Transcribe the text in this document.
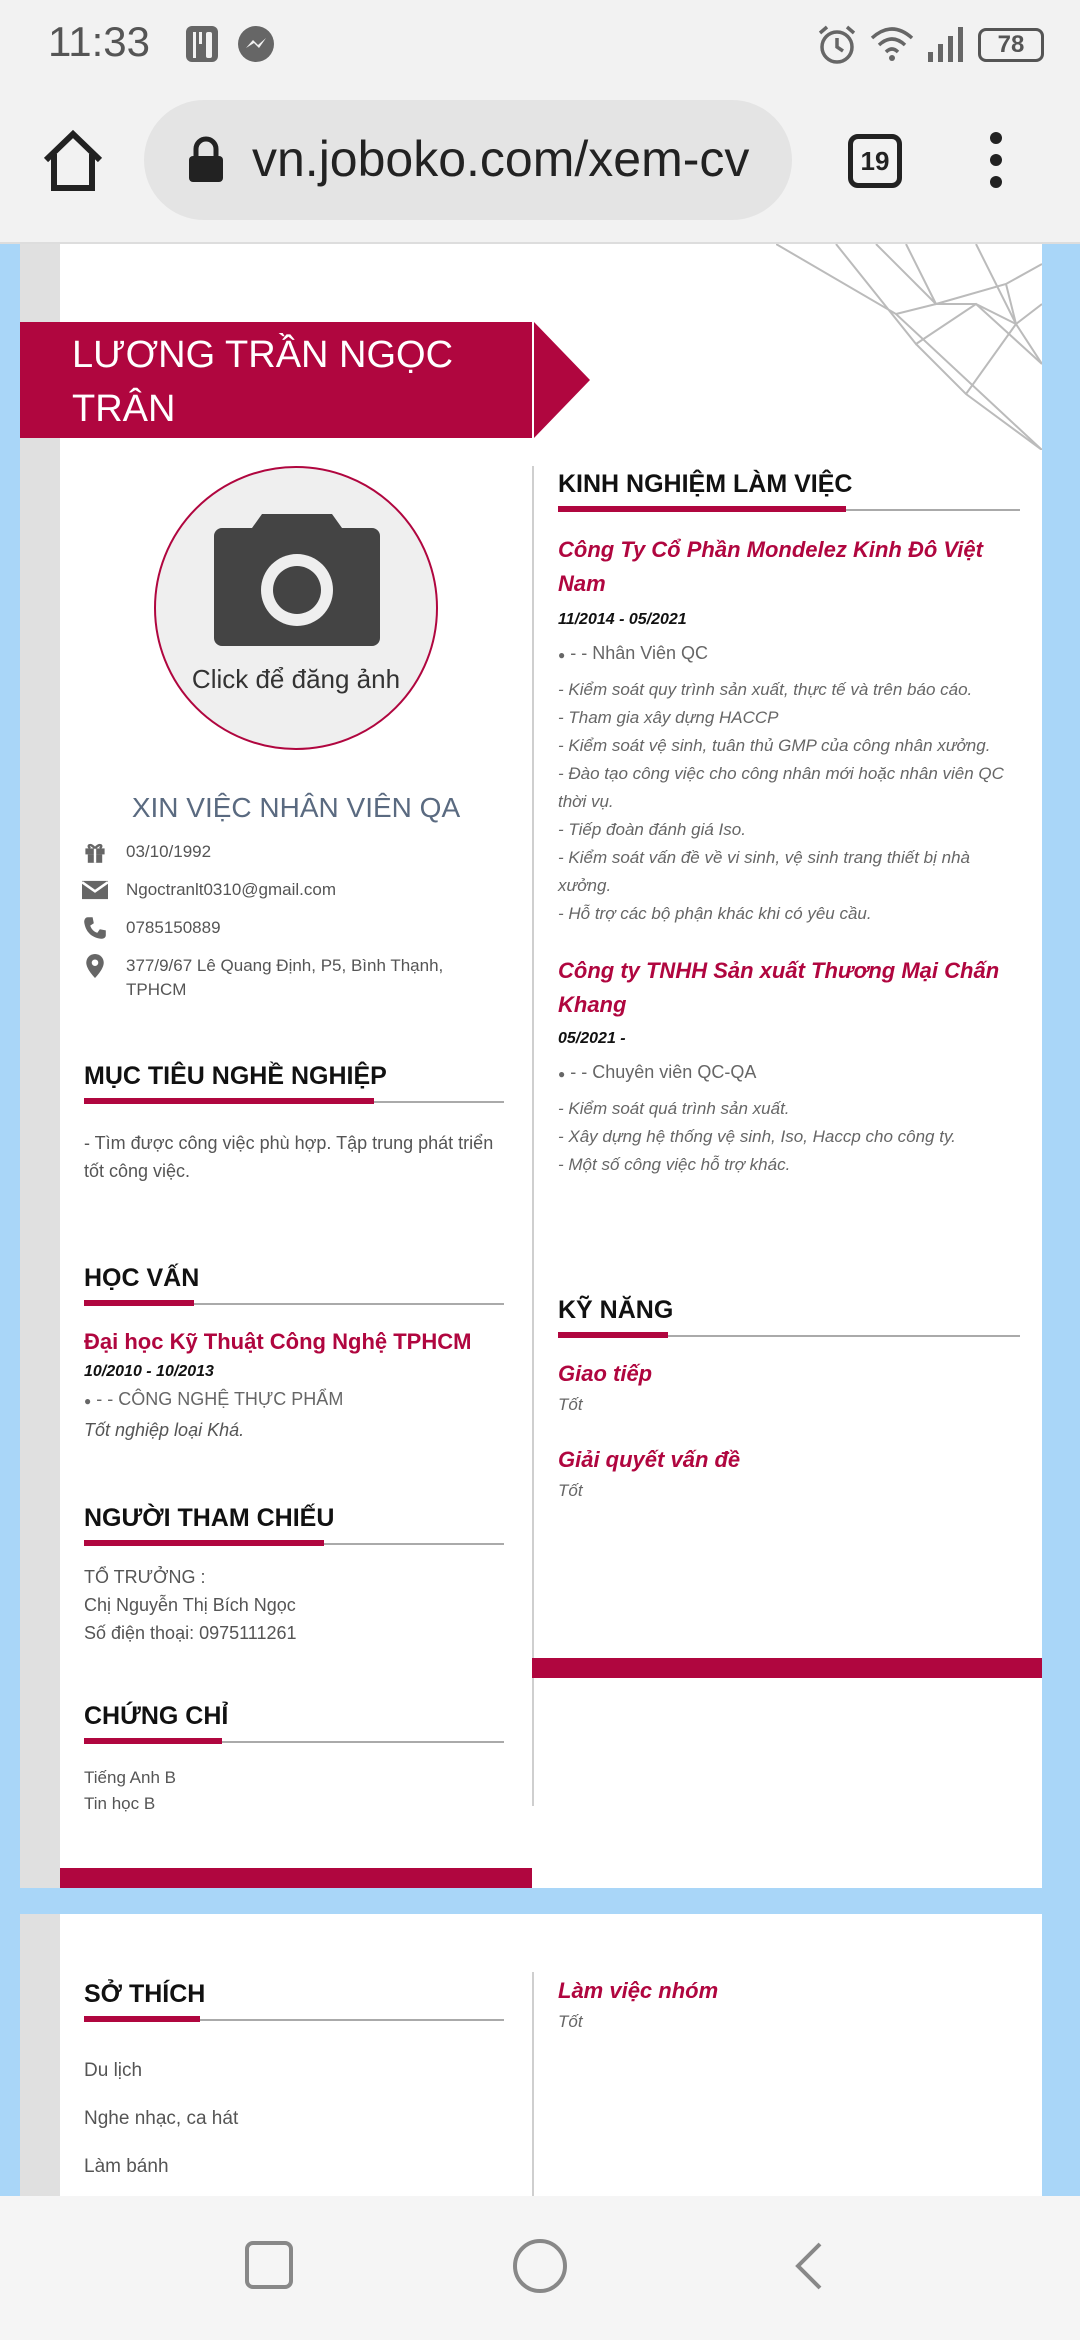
11:33	78
vn.joboko.com/xem-cv	19
LƯƠNG TRẦN NGỌC TRÂN
Click để đăng ảnh
XIN VIỆC NHÂN VIÊN QA
03/10/1992
Ngoctranlt0310@gmail.com
0785150889
377/9/67 Lê Quang Định, P5, Bình Thạnh, TPHCM
MỤC TIÊU NGHỀ NGHIỆP
- Tìm được công việc phù hợp. Tập trung phát triển tốt công việc.
HỌC VẤN
Đại học Kỹ Thuật Công Nghệ TPHCM
10/2010 - 10/2013
● - - CÔNG NGHỆ THỰC PHẨM
Tốt nghiệp loại Khá.
NGƯỜI THAM CHIẾU
TỔ TRƯỞNG :
Chị Nguyễn Thị Bích Ngọc
Số điện thoại: 0975111261
CHỨNG CHỈ
Tiếng Anh B
Tin học B
KINH NGHIỆM LÀM VIỆC
Công Ty Cổ Phần Mondelez Kinh Đô Việt Nam
11/2014 - 05/2021
● - - Nhân Viên QC
- Kiểm soát quy trình sản xuất, thực tế và trên báo cáo.
- Tham gia xây dựng HACCP
- Kiểm soát vệ sinh, tuân thủ GMP của công nhân xưởng.
- Đào tạo công việc cho công nhân mới hoặc nhân viên QC thời vụ.
- Tiếp đoàn đánh giá Iso.
- Kiểm soát vấn đề về vi sinh, vệ sinh trang thiết bị nhà xưởng.
- Hỗ trợ các bộ phận khác khi có yêu cầu.
Công ty TNHH Sản xuất Thương Mại Chấn Khang
05/2021 -
● - - Chuyên viên QC-QA
- Kiểm soát quá trình sản xuất.
- Xây dựng hệ thống vệ sinh, Iso, Haccp cho công ty.
- Một số công việc hỗ trợ khác.
KỸ NĂNG
Giao tiếp
Tốt
Giải quyết vấn đề
Tốt
SỞ THÍCH
Du lịch
Nghe nhạc, ca hát
Làm bánh
Làm việc nhóm
Tốt
